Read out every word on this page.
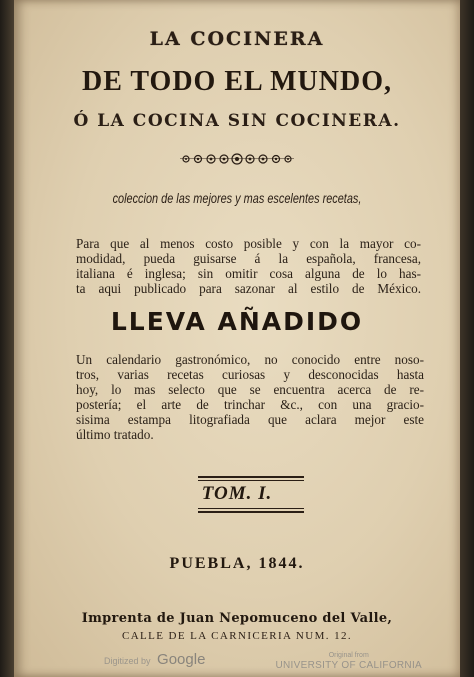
LA COCINERA
DE TODO EL MUNDO,
Ó LA COCINA SIN COCINERA.
coleccion de las mejores y mas escelentes recetas,
Para que al menos costo posible y con la mayor co-
modidad, pueda guisarse á la española, francesa,
italiana é inglesa; sin omitir cosa alguna de lo has-
ta aqui publicado para sazonar al estilo de México.
LLEVA AÑADIDO
Un calendario gastronómico, no conocido entre noso-
tros, varias recetas curiosas y desconocidas hasta
hoy, lo mas selecto que se encuentra acerca de re-
postería; el arte de trinchar &c., con una gracio-
sisima estampa litografiada que aclara mejor este
último tratado.
TOM. I.
PUEBLA, 1844.
Imprenta de Juan Nepomuceno del Valle,
CALLE DE LA CARNICERIA NUM. 12.
Digitized by Google	Original from
UNIVERSITY OF CALIFORNIA
